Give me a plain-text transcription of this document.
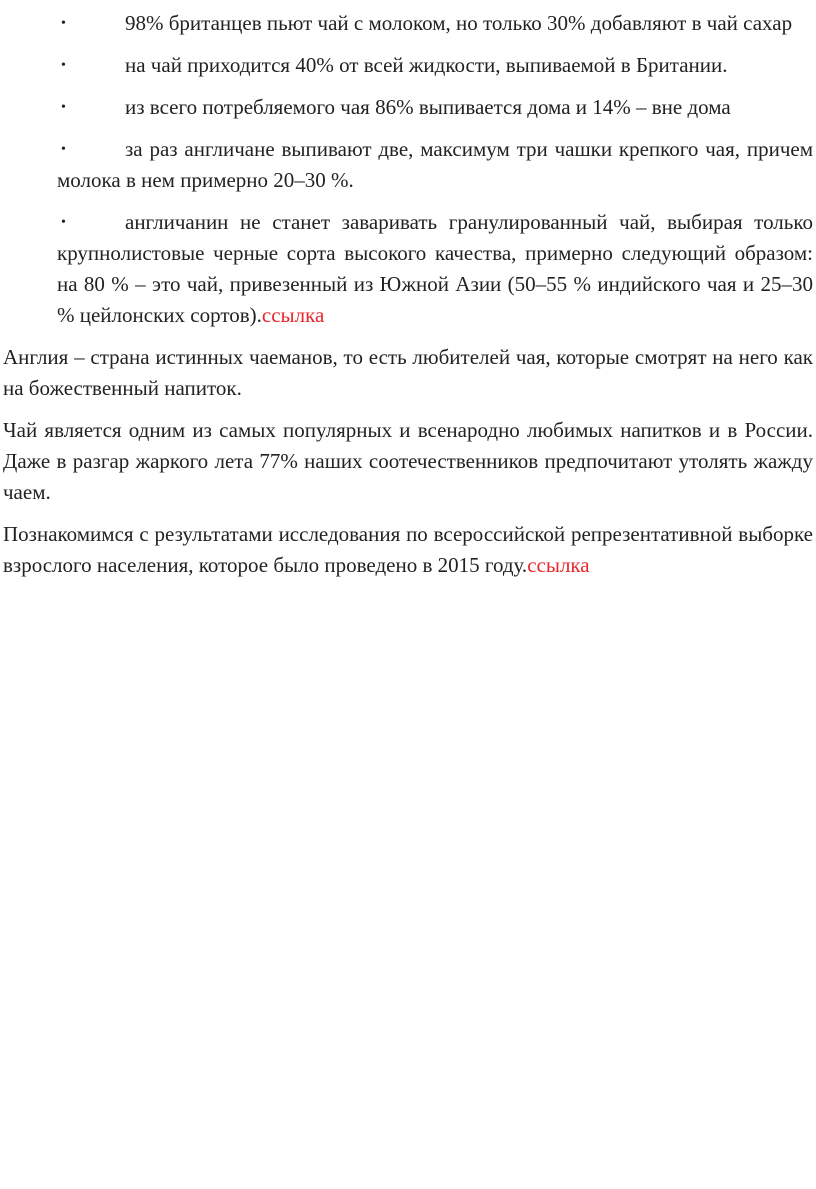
•	98% британцев пьют чай с молоком, но только 30% добавляют в чай сахар
•	на чай приходится 40% от всей жидкости, выпиваемой в Британии.
•	из всего потребляемого чая 86% выпивается дома и 14% – вне дома
•	за раз англичане выпивают две, максимум три чашки крепкого чая, причем молока в нем примерно 20–30 %.
•	англичанин не станет заваривать гранулированный чай, выбирая только крупнолистовые черные сорта высокого качества, примерно следующий образом: на 80 % – это чай, привезенный из Южной Азии (50–55 % индийского чая и 25–30 % цейлонских сортов).ссылка

Англия – страна истинных чаеманов, то есть любителей чая, которые смотрят на него как на божественный напиток.

Чай является одним из самых популярных и всенародно любимых напитков и в России. Даже в разгар жаркого лета 77% наших соотечественников предпочитают утолять жажду чаем.

Познакомимся с результатами исследования по всероссийской репрезентативной выборке взрослого населения, которое было проведено в 2015 году.ссылка
